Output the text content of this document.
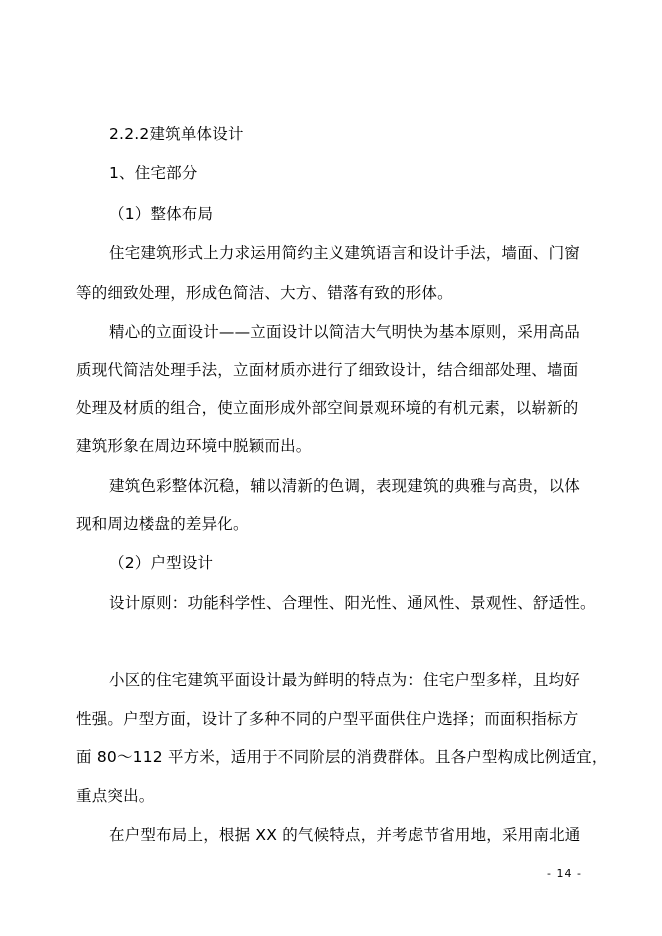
2.2.2建筑单体设计
1、住宅部分
（1）整体布局
住宅建筑形式上力求运用简约主义建筑语言和设计手法，墙面、门窗
等的细致处理，形成色简洁、大方、错落有致的形体。
精心的立面设计——立面设计以简洁大气明快为基本原则，采用高品
质现代简洁处理手法，立面材质亦进行了细致设计，结合细部处理、墙面
处理及材质的组合，使立面形成外部空间景观环境的有机元素，以崭新的
建筑形象在周边环境中脱颖而出。
建筑色彩整体沉稳，辅以清新的色调，表现建筑的典雅与高贵，以体
现和周边楼盘的差异化。
（2）户型设计
设计原则：功能科学性、合理性、阳光性、通风性、景观性、舒适性。
小区的住宅建筑平面设计最为鲜明的特点为：住宅户型多样，且均好
性强。户型方面，设计了多种不同的户型平面供住户选择；而面积指标方
面 80～112 平方米，适用于不同阶层的消费群体。且各户型构成比例适宜，
重点突出。
在户型布局上，根据 XX 的气候特点，并考虑节省用地，采用南北通
- 14 -
